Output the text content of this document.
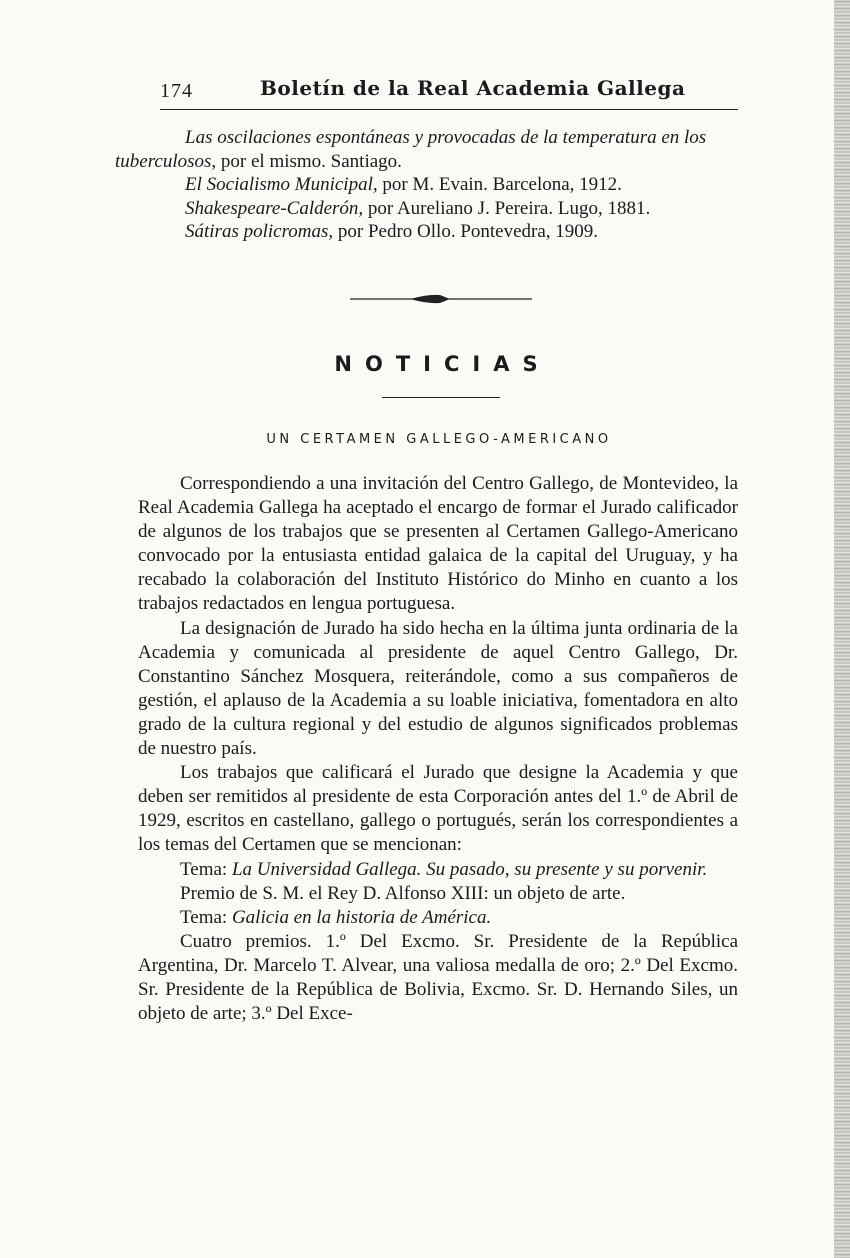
174	Boletín de la Real Academia Gallega

Las oscilaciones espontáneas y provocadas de la temperatura en los tuberculosos, por el mismo. Santiago.

El Socialismo Municipal, por M. Evain. Barcelona, 1912.

Shakespeare-Calderón, por Aureliano J. Pereira. Lugo, 1881.

Sátiras policromas, por Pedro Ollo. Pontevedra, 1909.

NOTICIAS
UN CERTAMEN GALLEGO-AMERICANO

Correspondiendo a una invitación del Centro Gallego, de Montevideo, la Real Academia Gallega ha aceptado el encargo de formar el Jurado calificador de algunos de los trabajos que se presenten al Certamen Gallego-Americano convocado por la entusiasta entidad galaica de la capital del Uruguay, y ha recabado la colaboración del Instituto Histórico do Minho en cuanto a los trabajos redactados en lengua portuguesa.

La designación de Jurado ha sido hecha en la última junta ordinaria de la Academia y comunicada al presidente de aquel Centro Gallego, Dr. Constantino Sánchez Mosquera, reiterándole, como a sus compañeros de gestión, el aplauso de la Academia a su loable iniciativa, fomentadora en alto grado de la cultura regional y del estudio de algunos significados problemas de nuestro país.

Los trabajos que calificará el Jurado que designe la Academia y que deben ser remitidos al presidente de esta Corporación antes del 1.º de Abril de 1929, escritos en castellano, gallego o portugués, serán los correspondientes a los temas del Certamen que se mencionan:

Tema: La Universidad Gallega. Su pasado, su presente y su porvenir.

Premio de S. M. el Rey D. Alfonso XIII: un objeto de arte.

Tema: Galicia en la historia de América.

Cuatro premios. 1.º Del Excmo. Sr. Presidente de la República Argentina, Dr. Marcelo T. Alvear, una valiosa medalla de oro; 2.º Del Excmo. Sr. Presidente de la República de Bolivia, Excmo. Sr. D. Hernando Siles, un objeto de arte; 3.º Del Exce-
